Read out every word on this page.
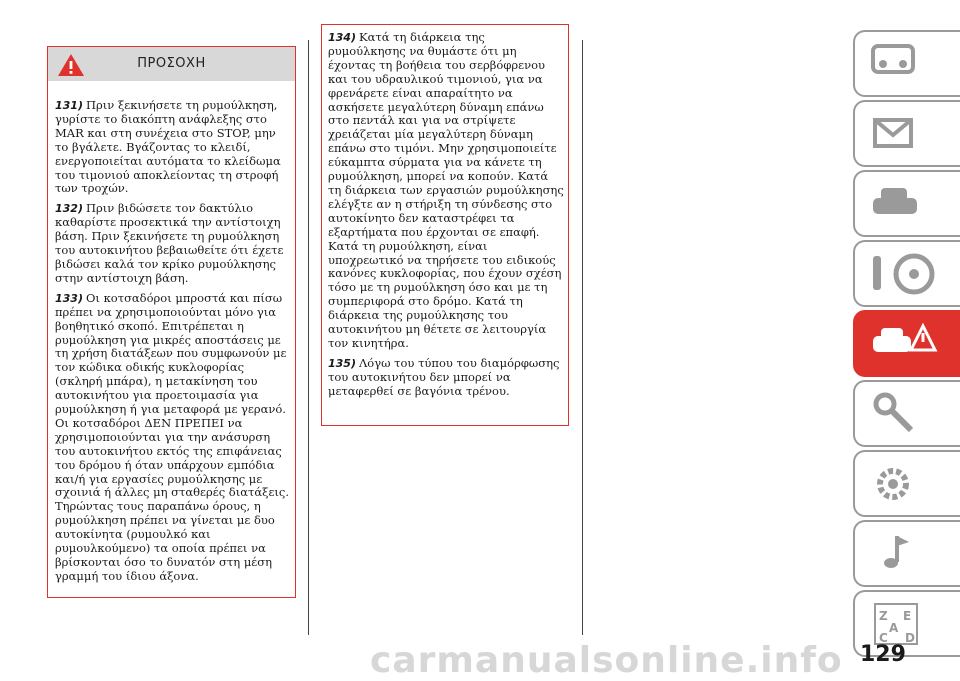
ΠΡΟΣΟΧΗ

131) Πριν ξεκινήσετε τη ρυμούλκηση, γυρίστε το διακόπτη ανάφλεξης στο MAR και στη συνέχεια στο STOP, μην το βγάλετε. Βγάζοντας το κλειδί, ενεργοποιείται αυτόματα το κλείδωμα του τιμονιού αποκλείοντας τη στροφή των τροχών.

132) Πριν βιδώσετε τον δακτύλιο καθαρίστε προσεκτικά την αντίστοιχη βάση. Πριν ξεκινήσετε τη ρυμούλκηση του αυτοκινήτου βεβαιωθείτε ότι έχετε βιδώσει καλά τον κρίκο ρυμούλκησης στην αντίστοιχη βάση.

133) Οι κοτσαδόροι μπροστά και πίσω πρέπει να χρησιμοποιούνται μόνο για βοηθητικό σκοπό. Επιτρέπεται η ρυμούλκηση για μικρές αποστάσεις με τη χρήση διατάξεων που συμφωνούν με τον κώδικα οδικής κυκλοφορίας (σκληρή μπάρα), η μετακίνηση του αυτοκινήτου για προετοιμασία για ρυμούλκηση ή για μεταφορά με γερανό. Οι κοτσαδόροι ΔΕΝ ΠΡΕΠΕΙ να χρησιμοποιούνται για την ανάσυρση του αυτοκινήτου εκτός της επιφάνειας του δρόμου ή όταν υπάρχουν εμπόδια και/ή για εργασίες ρυμούλκησης με σχοινιά ή άλλες μη σταθερές διατάξεις. Τηρώντας τους παραπάνω όρους, η ρυμούλκηση πρέπει να γίνεται με δυο αυτοκίνητα (ρυμουλκό και ρυμουλκούμενο) τα οποία πρέπει να βρίσκονται όσο το δυνατόν στη μέση γραμμή του ίδιου άξονα.

134) Κατά τη διάρκεια της ρυμούλκησης να θυμάστε ότι μη έχοντας τη βοήθεια του σερβόφρενου και του υδραυλικού τιμονιού, για να φρενάρετε είναι απαραίτητο να ασκήσετε μεγαλύτερη δύναμη επάνω στο πεντάλ και για να στρίψετε χρειάζεται μία μεγαλύτερη δύναμη επάνω στο τιμόνι. Μην χρησιμοποιείτε εύκαμπτα σύρματα για να κάνετε τη ρυμούλκηση, μπορεί να κοπούν. Κατά τη διάρκεια των εργασιών ρυμούλκησης ελέγξτε αν η στήριξη τη σύνδεσης στο αυτοκίνητο δεν καταστρέφει τα εξαρτήματα που έρχονται σε επαφή. Κατά τη ρυμούλκηση, είναι υποχρεωτικό να τηρήσετε του ειδικούς κανόνες κυκλοφορίας, που έχουν σχέση τόσο με τη ρυμούλκηση όσο και με τη συμπεριφορά στο δρόμο. Κατά τη διάρκεια της ρυμούλκησης του αυτοκινήτου μη θέτετε σε λειτουργία τον κινητήρα.

135) Λόγω του τύπου του διαμόρφωσης του αυτοκινήτου δεν μπορεί να μεταφερθεί σε βαγόνια τρένου.

Z E
A
C D
carmanualsonline.info 129
